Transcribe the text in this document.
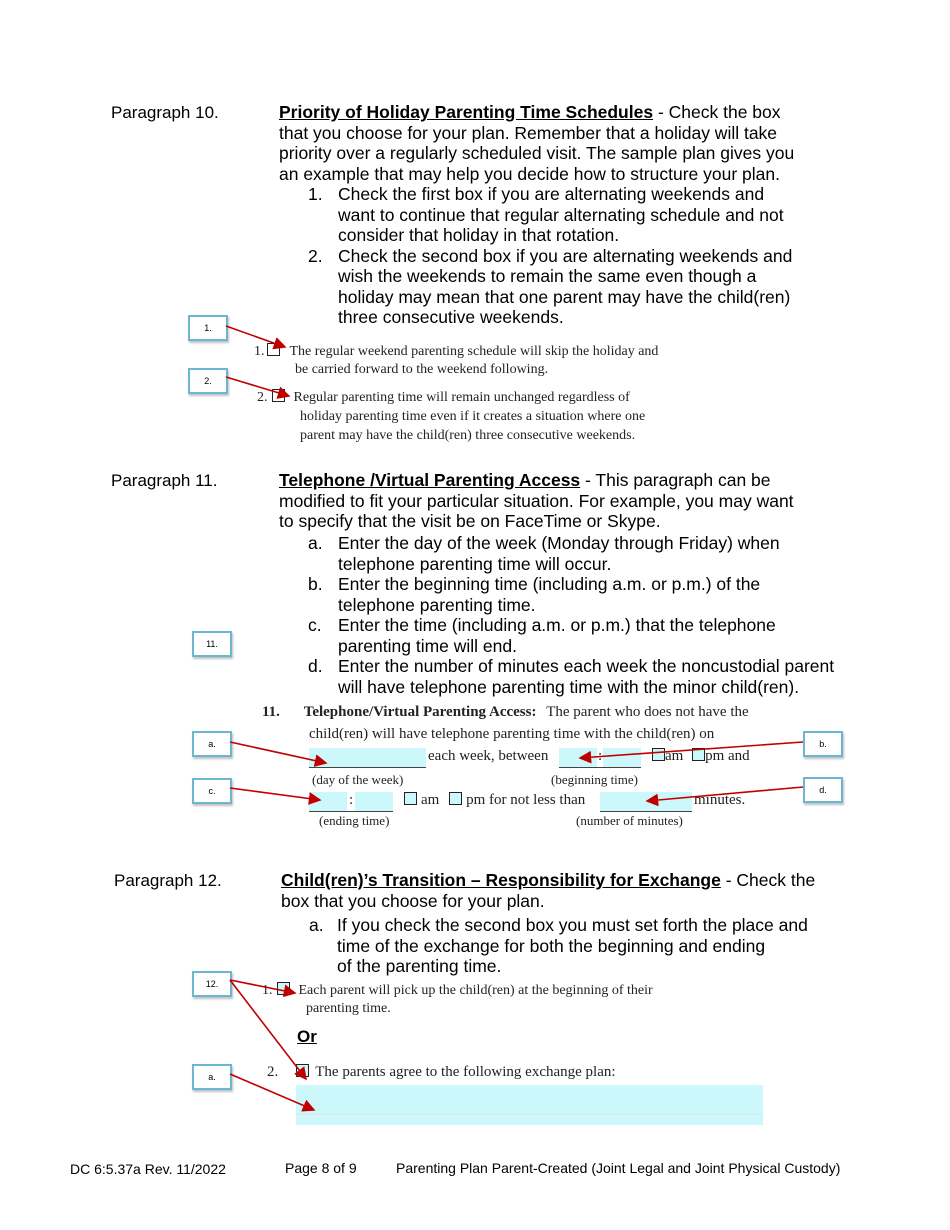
Paragraph 10.	Priority of Holiday Parenting Time Schedules - Check the box
that you choose for your plan. Remember that a holiday will take
priority over a regularly scheduled visit. The sample plan gives you
an example that may help you decide how to structure your plan.
1. Check the first box if you are alternating weekends and
want to continue that regular alternating schedule and not
consider that holiday in that rotation.
2. Check the second box if you are alternating weekends and
wish the weekends to remain the same even though a
holiday may mean that one parent may have the child(ren)
three consecutive weekends.
1. The regular weekend parenting schedule will skip the holiday and
be carried forward to the weekend following.
2. Regular parenting time will remain unchanged regardless of
holiday parenting time even if it creates a situation where one
parent may have the child(ren) three consecutive weekends.
1.
2.
Paragraph 11.	Telephone /Virtual Parenting Access - This paragraph can be
modified to fit your particular situation. For example, you may want
to specify that the visit be on FaceTime or Skype.
a. Enter the day of the week (Monday through Friday) when
telephone parenting time will occur.
b. Enter the beginning time (including a.m. or p.m.) of the
telephone parenting time.
c. Enter the time (including a.m. or p.m.) that the telephone
parenting time will end.
d. Enter the number of minutes each week the noncustodial parent
will have telephone parenting time with the minor child(ren).
11.
11. Telephone/Virtual Parenting Access: The parent who does not have the
child(ren) will have telephone parenting time with the child(ren) on
each week, between	:	am pm and
(day of the week)	(beginning time)
:	am pm for not less than	minutes.
(ending time)	(number of minutes)
a.	b.
c.	d.
Paragraph 12.	Child(ren)’s Transition – Responsibility for Exchange - Check the
box that you choose for your plan.
a. If you check the second box you must set forth the place and
time of the exchange for both the beginning and ending
of the parenting time.
1. Each parent will pick up the child(ren) at the beginning of their
parenting time.
Or
2. The parents agree to the following exchange plan:
12.
a.
DC 6:5.37a Rev. 11/2022	Page 8 of 9	Parenting Plan Parent-Created (Joint Legal and Joint Physical Custody)
